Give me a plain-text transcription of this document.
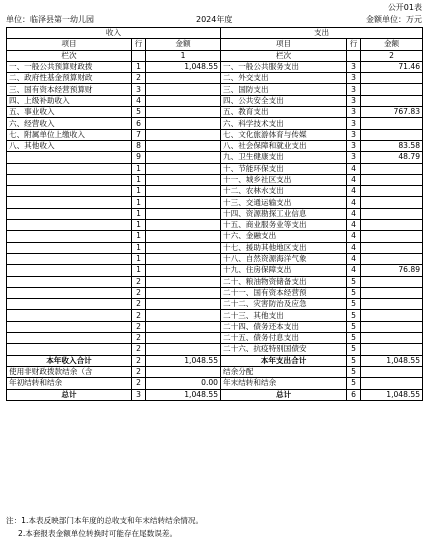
公开01表
单位：临泽县第一幼儿园	2024年度	金额单位：万元
收入			支出		
项目	行	金额	项目	行	金额
栏次		1	栏次		2
一、一般公共预算财政拨	1	1,048.55	一、一般公共服务支出	3	71.46
二、政府性基金预算财政	2		二、外交支出	3	
三、国有资本经营预算财	3		三、国防支出	3	
四、上级补助收入	4		四、公共安全支出	3	
五、事业收入	5		五、教育支出	3	767.83
六、经营收入	6		六、科学技术支出	3	
七、附属单位上缴收入	7		七、文化旅游体育与传媒	3	
八、其他收入	8		八、社会保障和就业支出	3	83.58
	9		九、卫生健康支出	3	48.79
	1		十、节能环保支出	4	
	1		十一、城乡社区支出	4	
	1		十二、农林水支出	4	
	1		十三、交通运输支出	4	
	1		十四、资源勘探工业信息	4	
	1		十五、商业服务业等支出	4	
	1		十六、金融支出	4	
	1		十七、援助其他地区支出	4	
	1		十八、自然资源海洋气象	4	
	1		十九、住房保障支出	4	76.89
	2		二十、粮油物资储备支出	5	
	2		二十一、国有资本经营预	5	
	2		二十二、灾害防治及应急	5	
	2		二十三、其他支出	5	
	2		二十四、债务还本支出	5	
	2		二十五、债务付息支出	5	
	2		二十六、抗疫特别国债安	5	
本年收入合计	2	1,048.55	本年支出合计	5	1,048.55
使用非财政拨款结余（含	2		结余分配	5	
年初结转和结余	2	0.00	年末结转和结余	5	
总计	3	1,048.55	总计	6	1,048.55
注：1.本表反映部门本年度的总收支和年末结转结余情况。
2.本套报表金额单位转换时可能存在尾数误差。
